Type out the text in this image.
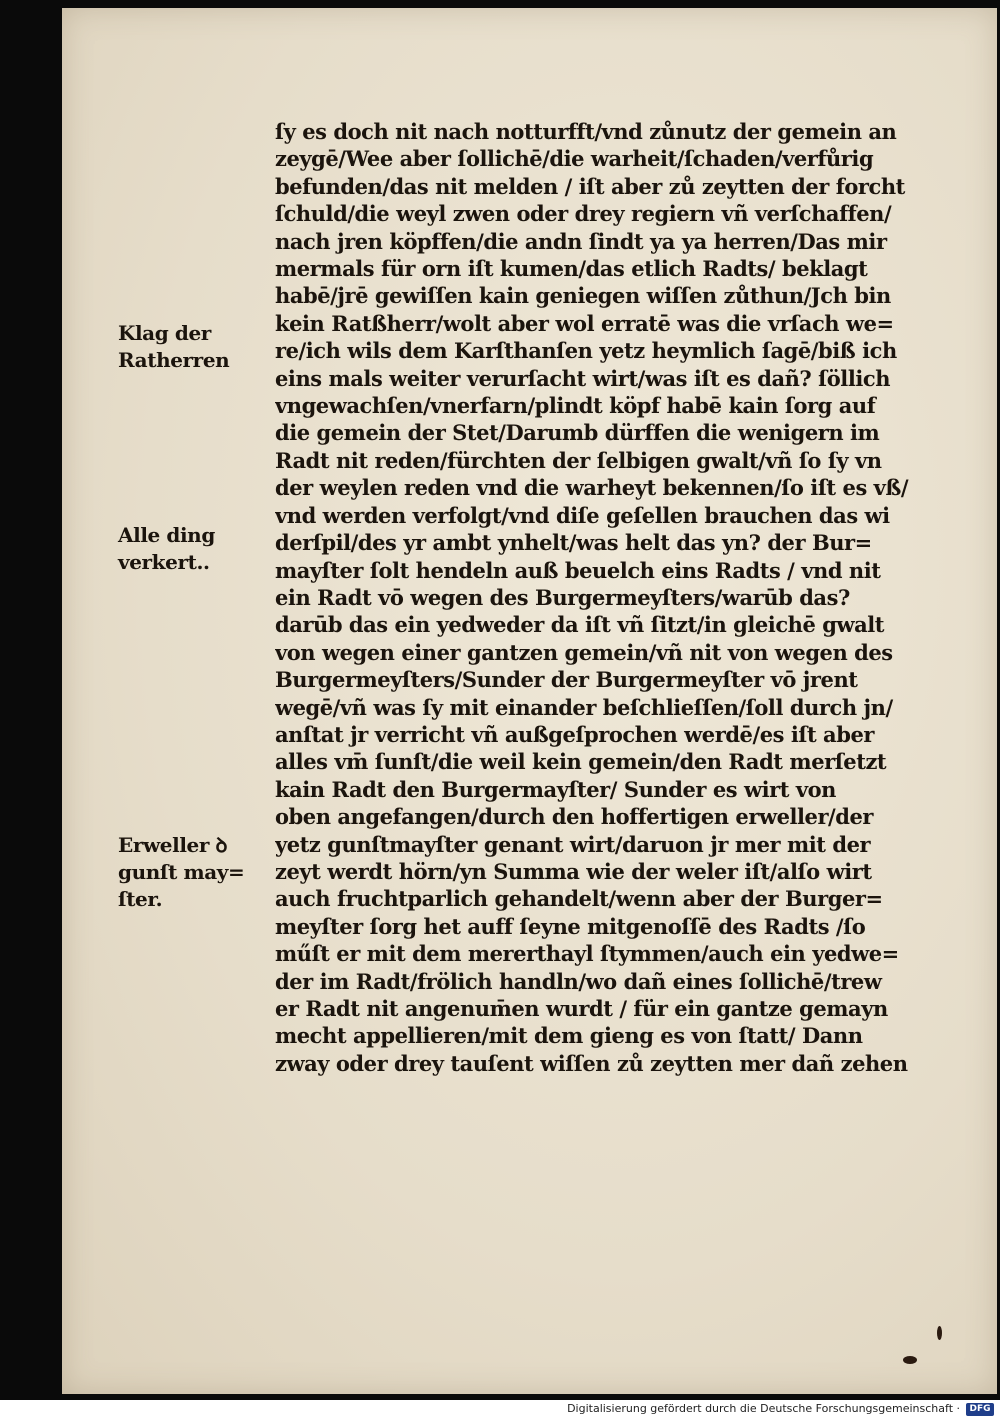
Klag der
Ratherren
Alle ding
verkert..
Erweller ꝺ
gunſt may=
ſter.
ſy es doch nit nach notturfft/vnd zůnutz der gemein an
zeygē/Wee aber ſollichē/die warheit/ſchaden/verfůrig
befunden/das nit melden / iſt aber zů zeytten der forcht
ſchuld/die weyl zwen oder drey regiern vñ verſchaffen/
nach jren köpffen/die andn ſindt ya ya herren/Das mir
mermals für orn iſt kumen/das etlich Radts/ beklagt
habē/jrē gewiſſen kain geniegen wiſſen zůthun/Jch bin
kein Ratßherr/wolt aber wol erratē was die vrſach we=
re/ich wils dem Karſthanſen yetz heymlich ſagē/biß ich
eins mals weiter verurſacht wirt/was iſt es dañ? ſöllich
vngewachſen/vnerfarn/plindt köpf habē kain ſorg auf
die gemein der Stet/Darumb dürffen die wenigern im
Radt nit reden/fürchten der ſelbigen gwalt/vñ ſo ſy vn
der weylen reden vnd die warheyt bekennen/ſo iſt es vß/
vnd werden verfolgt/vnd diſe geſellen brauchen das wi
derſpil/des yr ambt ynhelt/was helt das yn? der Bur=
mayſter ſolt hendeln auß beuelch eins Radts / vnd nit
ein Radt vō wegen des Burgermeyſters/warūb das?
darūb das ein yedweder da iſt vñ ſitzt/in gleichē gwalt
von wegen einer gantzen gemein/vñ nit von wegen des
Burgermeyſters/Sunder der Burgermeyſter vō jrent
wegē/vñ was ſy mit einander beſchlieſſen/ſoll durch jn/
anſtat jr verricht vñ außgeſprochen werdē/es iſt aber
alles vm̄ ſunſt/die weil kein gemein/den Radt merſetzt
kain Radt den Burgermayſter/ Sunder es wirt von
oben angefangen/durch den hoffertigen erweller/der
yetz gunſtmayſter genant wirt/daruon jr mer mit der
zeyt werdt hörn/yn Summa wie der weler iſt/alſo wirt
auch fruchtparlich gehandelt/wenn aber der Burger=
meyſter ſorg het auff ſeyne mitgenoſſē des Radts /ſo
műſt er mit dem mererthayl ſtymmen/auch ein yedwe=
der im Radt/frölich handln/wo dañ eines ſollichē/trew
er Radt nit angenum̄en wurdt / für ein gantze gemayn
mecht appellieren/mit dem gieng es von ſtatt/ Dann
zway oder drey tauſent wiſſen zů zeytten mer dañ zehen
Digitalisierung gefördert durch die Deutsche Forschungsgemeinschaft ·	DFG
